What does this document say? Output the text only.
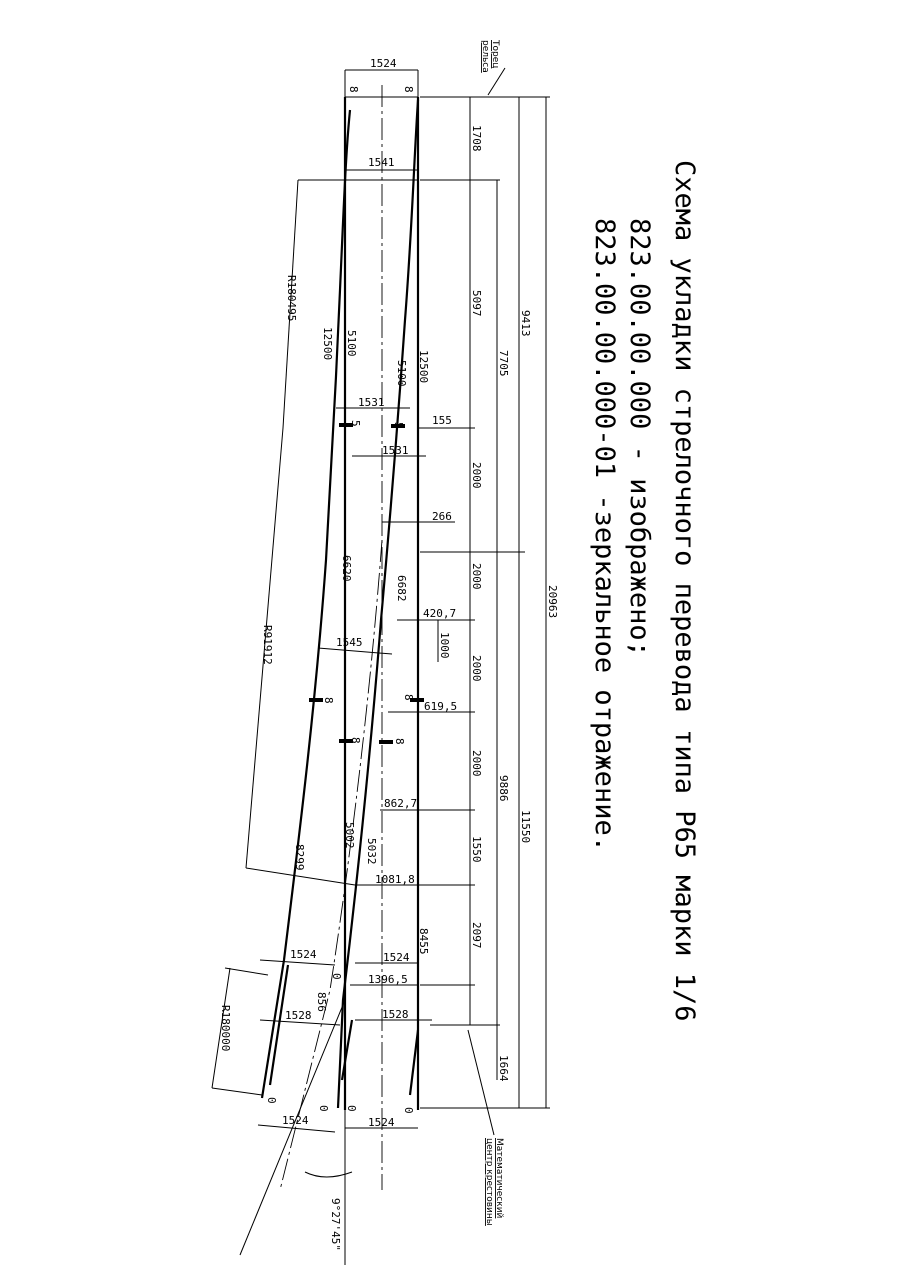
Схема укладки стрелочного перевода типа Р65 марки 1/6
823.00.00.000 - изображено;
823.00.00.000-01 -зеркальное отражение.
Торец
рельса
Математический
центр крестовины
1524
1541
R180495
12500 5100
5100 12500
1531
1531
155
266
6620
6682
420,7
1000
1545
R91912
619,5
862,7
5002
5032
1081,8
8299
8455
1524	1524
1396,5
856
1528	1528
R180000
1524	1524
9°27'45"
1708
5097
2000
2000
2000
2000
1550
2097
1664
7705
9886
9413
11550
20963
8	8
5	5
8	8
8	8
0
0
0 0	0
